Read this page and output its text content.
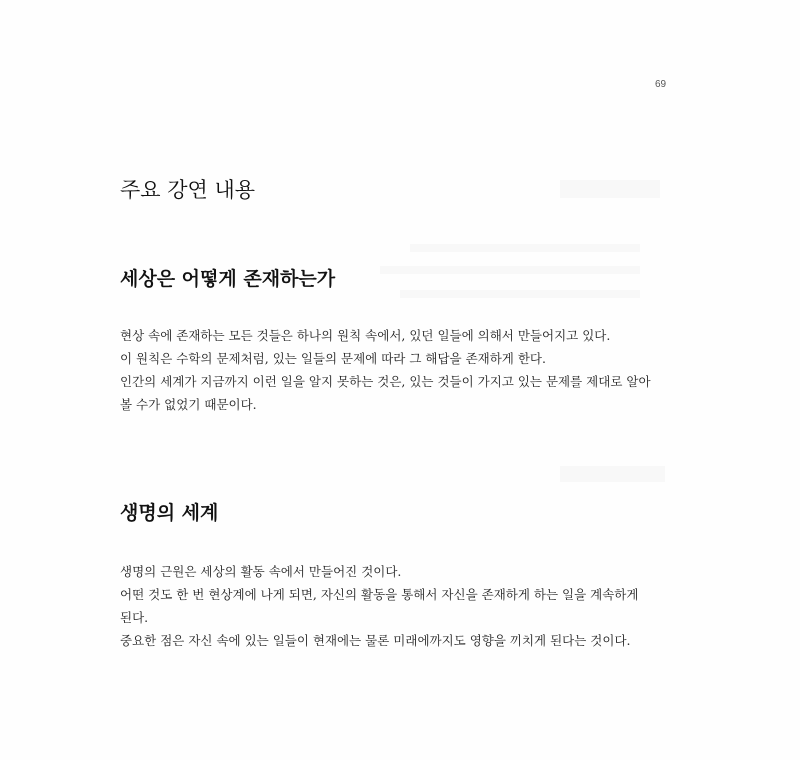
69
주요 강연 내용
세상은 어떻게 존재하는가
현상 속에 존재하는 모든 것들은 하나의 원칙 속에서, 있던 일들에 의해서 만들어지고 있다.
이 원칙은 수학의 문제처럼, 있는 일들의 문제에 따라 그 해답을 존재하게 한다.
인간의 세계가 지금까지 이런 일을 알지 못하는 것은, 있는 것들이 가지고 있는 문제를 제대로 알아
볼 수가 없었기 때문이다.
생명의 세계
생명의 근원은 세상의 활동 속에서 만들어진 것이다.
어떤 것도 한 번 현상계에 나게 되면, 자신의 활동을 통해서 자신을 존재하게 하는 일을 계속하게
된다.
중요한 점은 자신 속에 있는 일들이 현재에는 물론 미래에까지도 영향을 끼치게 된다는 것이다.
